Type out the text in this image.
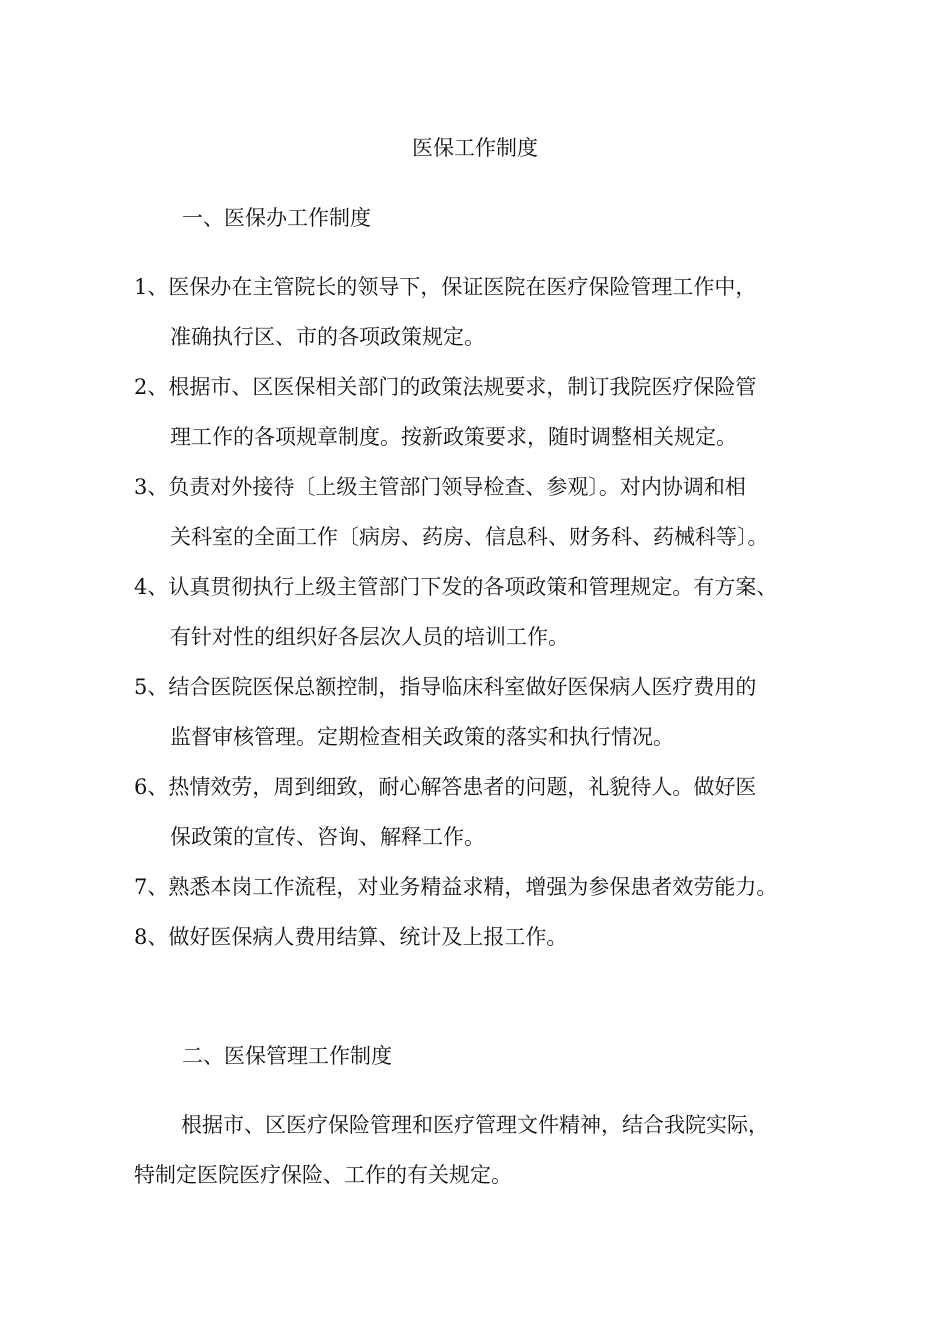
医保工作制度
一、医保办工作制度
1、医保办在主管院长的领导下，保证医院在医疗保险管理工作中，
准确执行区、市的各项政策规定。
2、根据市、区医保相关部门的政策法规要求，制订我院医疗保险管
理工作的各项规章制度。按新政策要求，随时调整相关规定。
3、负责对外接待〔上级主管部门领导检查、参观〕。对内协调和相
关科室的全面工作〔病房、药房、信息科、财务科、药械科等〕。
4、认真贯彻执行上级主管部门下发的各项政策和管理规定。有方案、
有针对性的组织好各层次人员的培训工作。
5、结合医院医保总额控制，指导临床科室做好医保病人医疗费用的
监督审核管理。定期检查相关政策的落实和执行情况。
6、热情效劳，周到细致，耐心解答患者的问题，礼貌待人。做好医
保政策的宣传、咨询、解释工作。
7、熟悉本岗工作流程，对业务精益求精，增强为参保患者效劳能力。
8、做好医保病人费用结算、统计及上报工作。
二、医保管理工作制度
根据市、区医疗保险管理和医疗管理文件精神，结合我院实际，
特制定医院医疗保险、工作的有关规定。
